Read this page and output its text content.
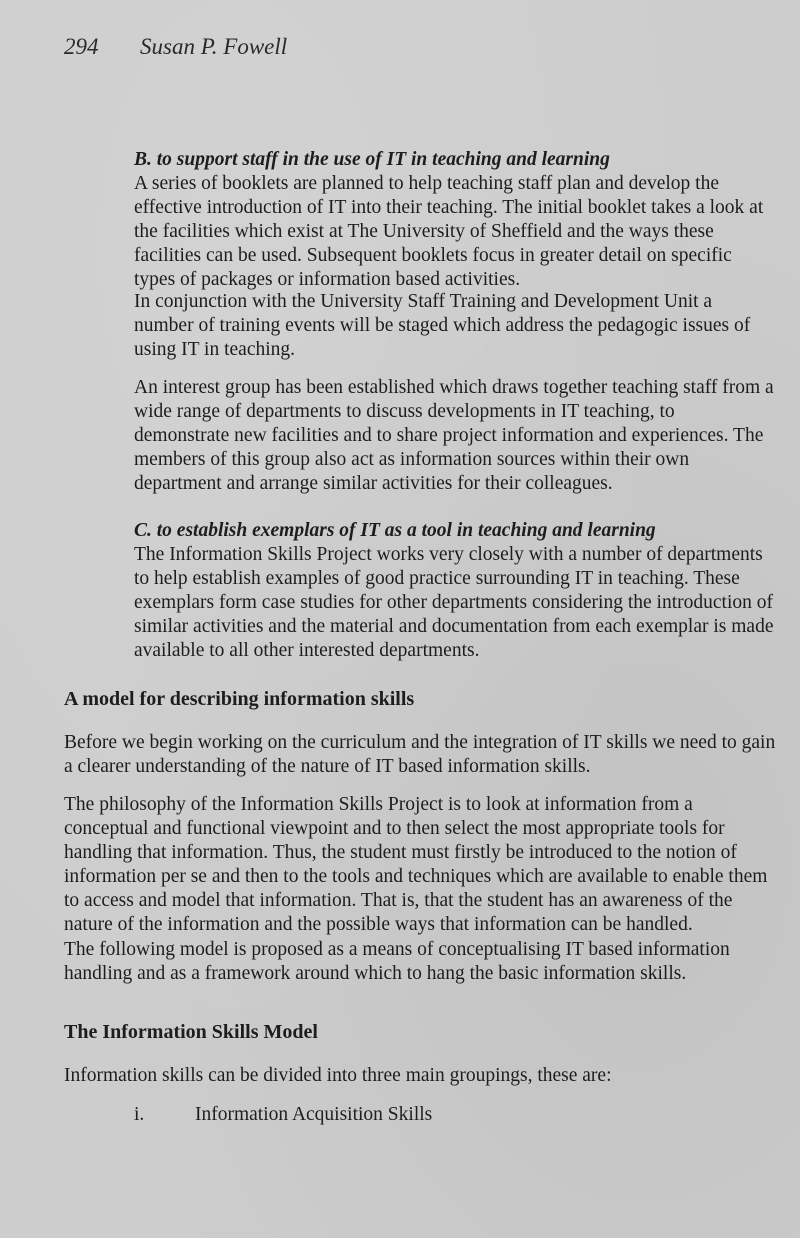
294 Susan P. Fowell

B. to support staff in the use of IT in teaching and learning

A series of booklets are planned to help teaching staff plan and develop the effective introduction of IT into their teaching. The initial booklet takes a look at the facilities which exist at The University of Sheffield and the ways these facilities can be used. Subsequent booklets focus in greater detail on specific types of packages or information based activities.

In conjunction with the University Staff Training and Development Unit a number of training events will be staged which address the pedagogic issues of using IT in teaching.

An interest group has been established which draws together teaching staff from a wide range of departments to discuss developments in IT teaching, to demonstrate new facilities and to share project information and experiences. The members of this group also act as information sources within their own department and arrange similar activities for their colleagues.

C. to establish exemplars of IT as a tool in teaching and learning

The Information Skills Project works very closely with a number of departments to help establish examples of good practice surrounding IT in teaching. These exemplars form case studies for other departments considering the introduction of similar activities and the material and documentation from each exemplar is made available to all other interested departments.

A model for describing information skills

Before we begin working on the curriculum and the integration of IT skills we need to gain a clearer understanding of the nature of IT based information skills.

The philosophy of the Information Skills Project is to look at information from a conceptual and functional viewpoint and to then select the most appropriate tools for handling that information. Thus, the student must firstly be introduced to the notion of information per se and then to the tools and techniques which are available to enable them to access and model that information. That is, that the student has an awareness of the nature of the information and the possible ways that information can be handled.

The following model is proposed as a means of conceptualising IT based information handling and as a framework around which to hang the basic information skills.

The Information Skills Model

Information skills can be divided into three main groupings, these are:

i.	Information Acquisition Skills
